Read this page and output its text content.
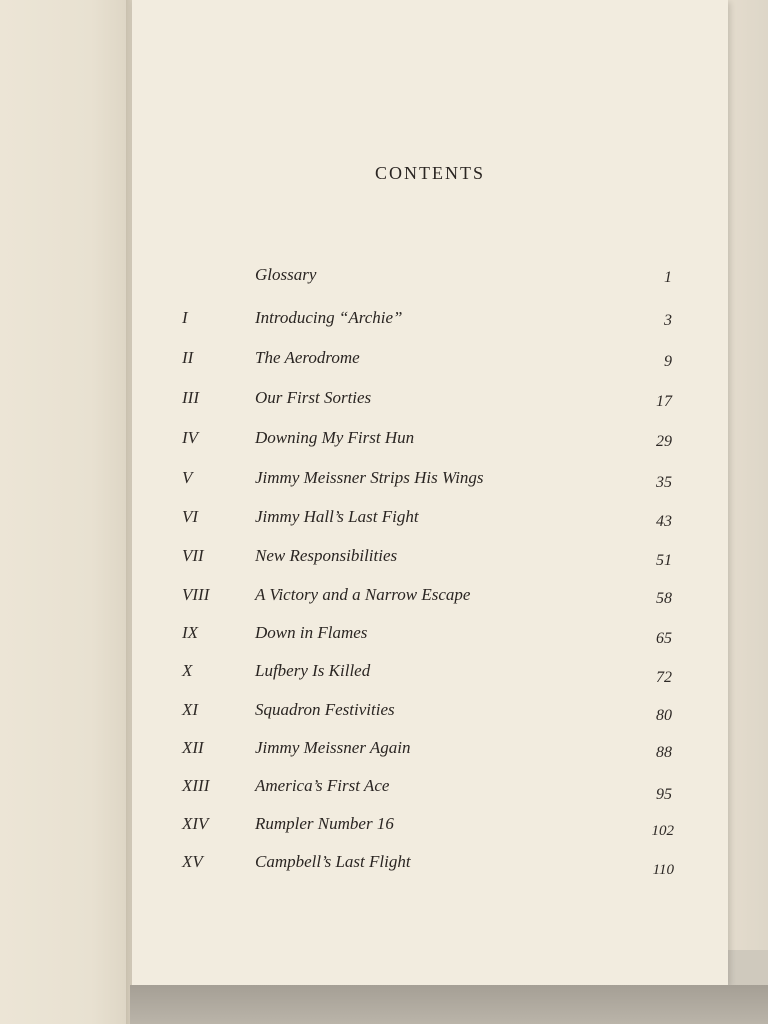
CONTENTS
Glossary	1
I	Introducing “Archie”	3
II	The Aerodrome	9
III	Our First Sorties	17
IV	Downing My First Hun	29
V	Jimmy Meissner Strips His Wings	35
VI	Jimmy Hall’s Last Fight	43
VII	New Responsibilities	51
VIII	A Victory and a Narrow Escape	58
IX	Down in Flames	65
X	Lufbery Is Killed	72
XI	Squadron Festivities	80
XII	Jimmy Meissner Again	88
XIII	America’s First Ace	95
XIV	Rumpler Number 16	102
XV	Campbell’s Last Flight	110
